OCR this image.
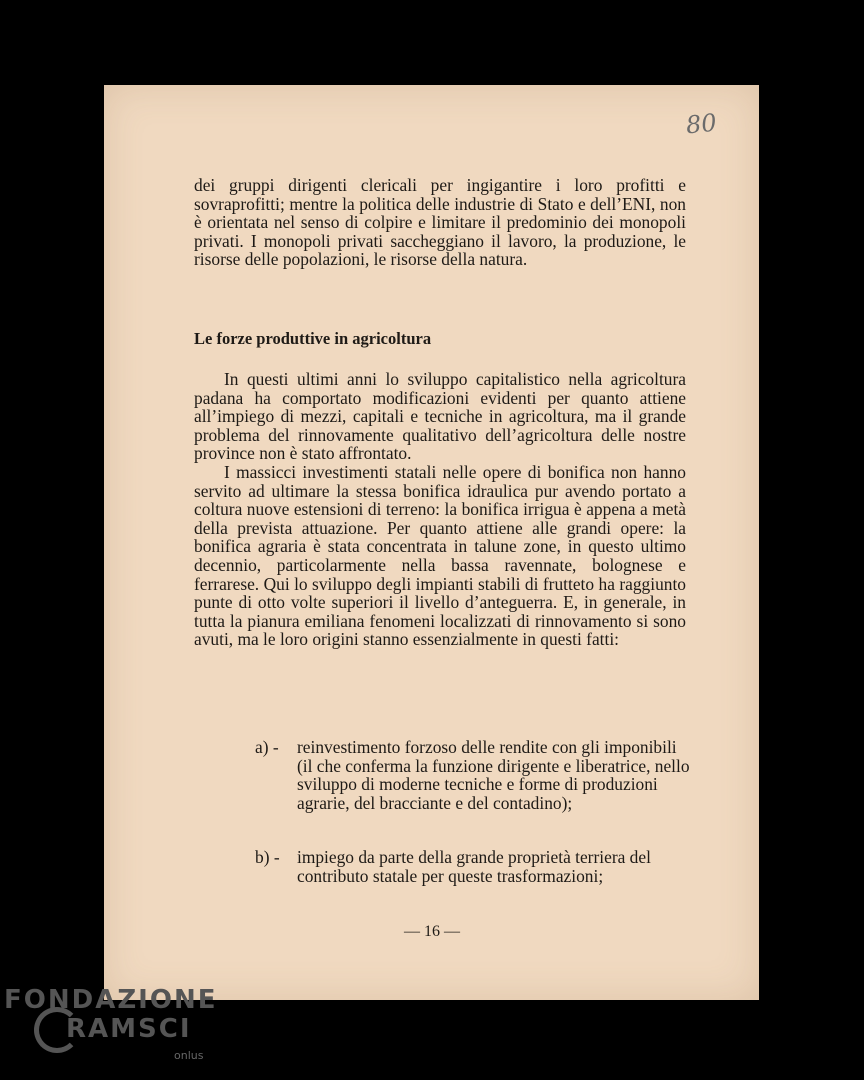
80

dei gruppi dirigenti clericali per ingigantire i loro profitti e sovraprofitti; mentre la politica delle industrie di Stato e dell’ENI, non è orientata nel senso di colpire e limitare il predominio dei monopoli privati. I monopoli privati saccheggiano il lavoro, la produzione, le risorse delle popolazioni, le risorse della natura.

Le forze produttive in agricoltura

In questi ultimi anni lo sviluppo capitalistico nella agricoltura padana ha comportato modificazioni evidenti per quanto attiene all’impiego di mezzi, capitali e tecniche in agricoltura, ma il grande problema del rinnovamente qualitativo dell’agricoltura delle nostre province non è stato affrontato.

I massicci investimenti statali nelle opere di bonifica non hanno servito ad ultimare la stessa bonifica idraulica pur avendo portato a coltura nuove estensioni di terreno: la bonifica irrigua è appena a metà della prevista attuazione. Per quanto attiene alle grandi opere: la bonifica agraria è stata concentrata in talune zone, in questo ultimo decennio, particolarmente nella bassa ravennate, bolognese e ferrarese. Qui lo sviluppo degli impianti stabili di frutteto ha raggiunto punte di otto volte superiori il livello d’anteguerra. E, in generale, in tutta la pianura emiliana fenomeni localizzati di rinnovamento si sono avuti, ma le loro origini stanno essenzialmente in questi fatti:

a) -	reinvestimento forzoso delle rendite con gli imponibili (il che conferma la funzione dirigente e liberatrice, nello sviluppo di moderne tecniche e forme di produzioni agrarie, del bracciante e del contadino);
b) - impiego da parte della grande proprietà terriera del contributo statale per queste trasformazioni;
— 16 —
FONDAZIONE
RAMSCI
onlus
